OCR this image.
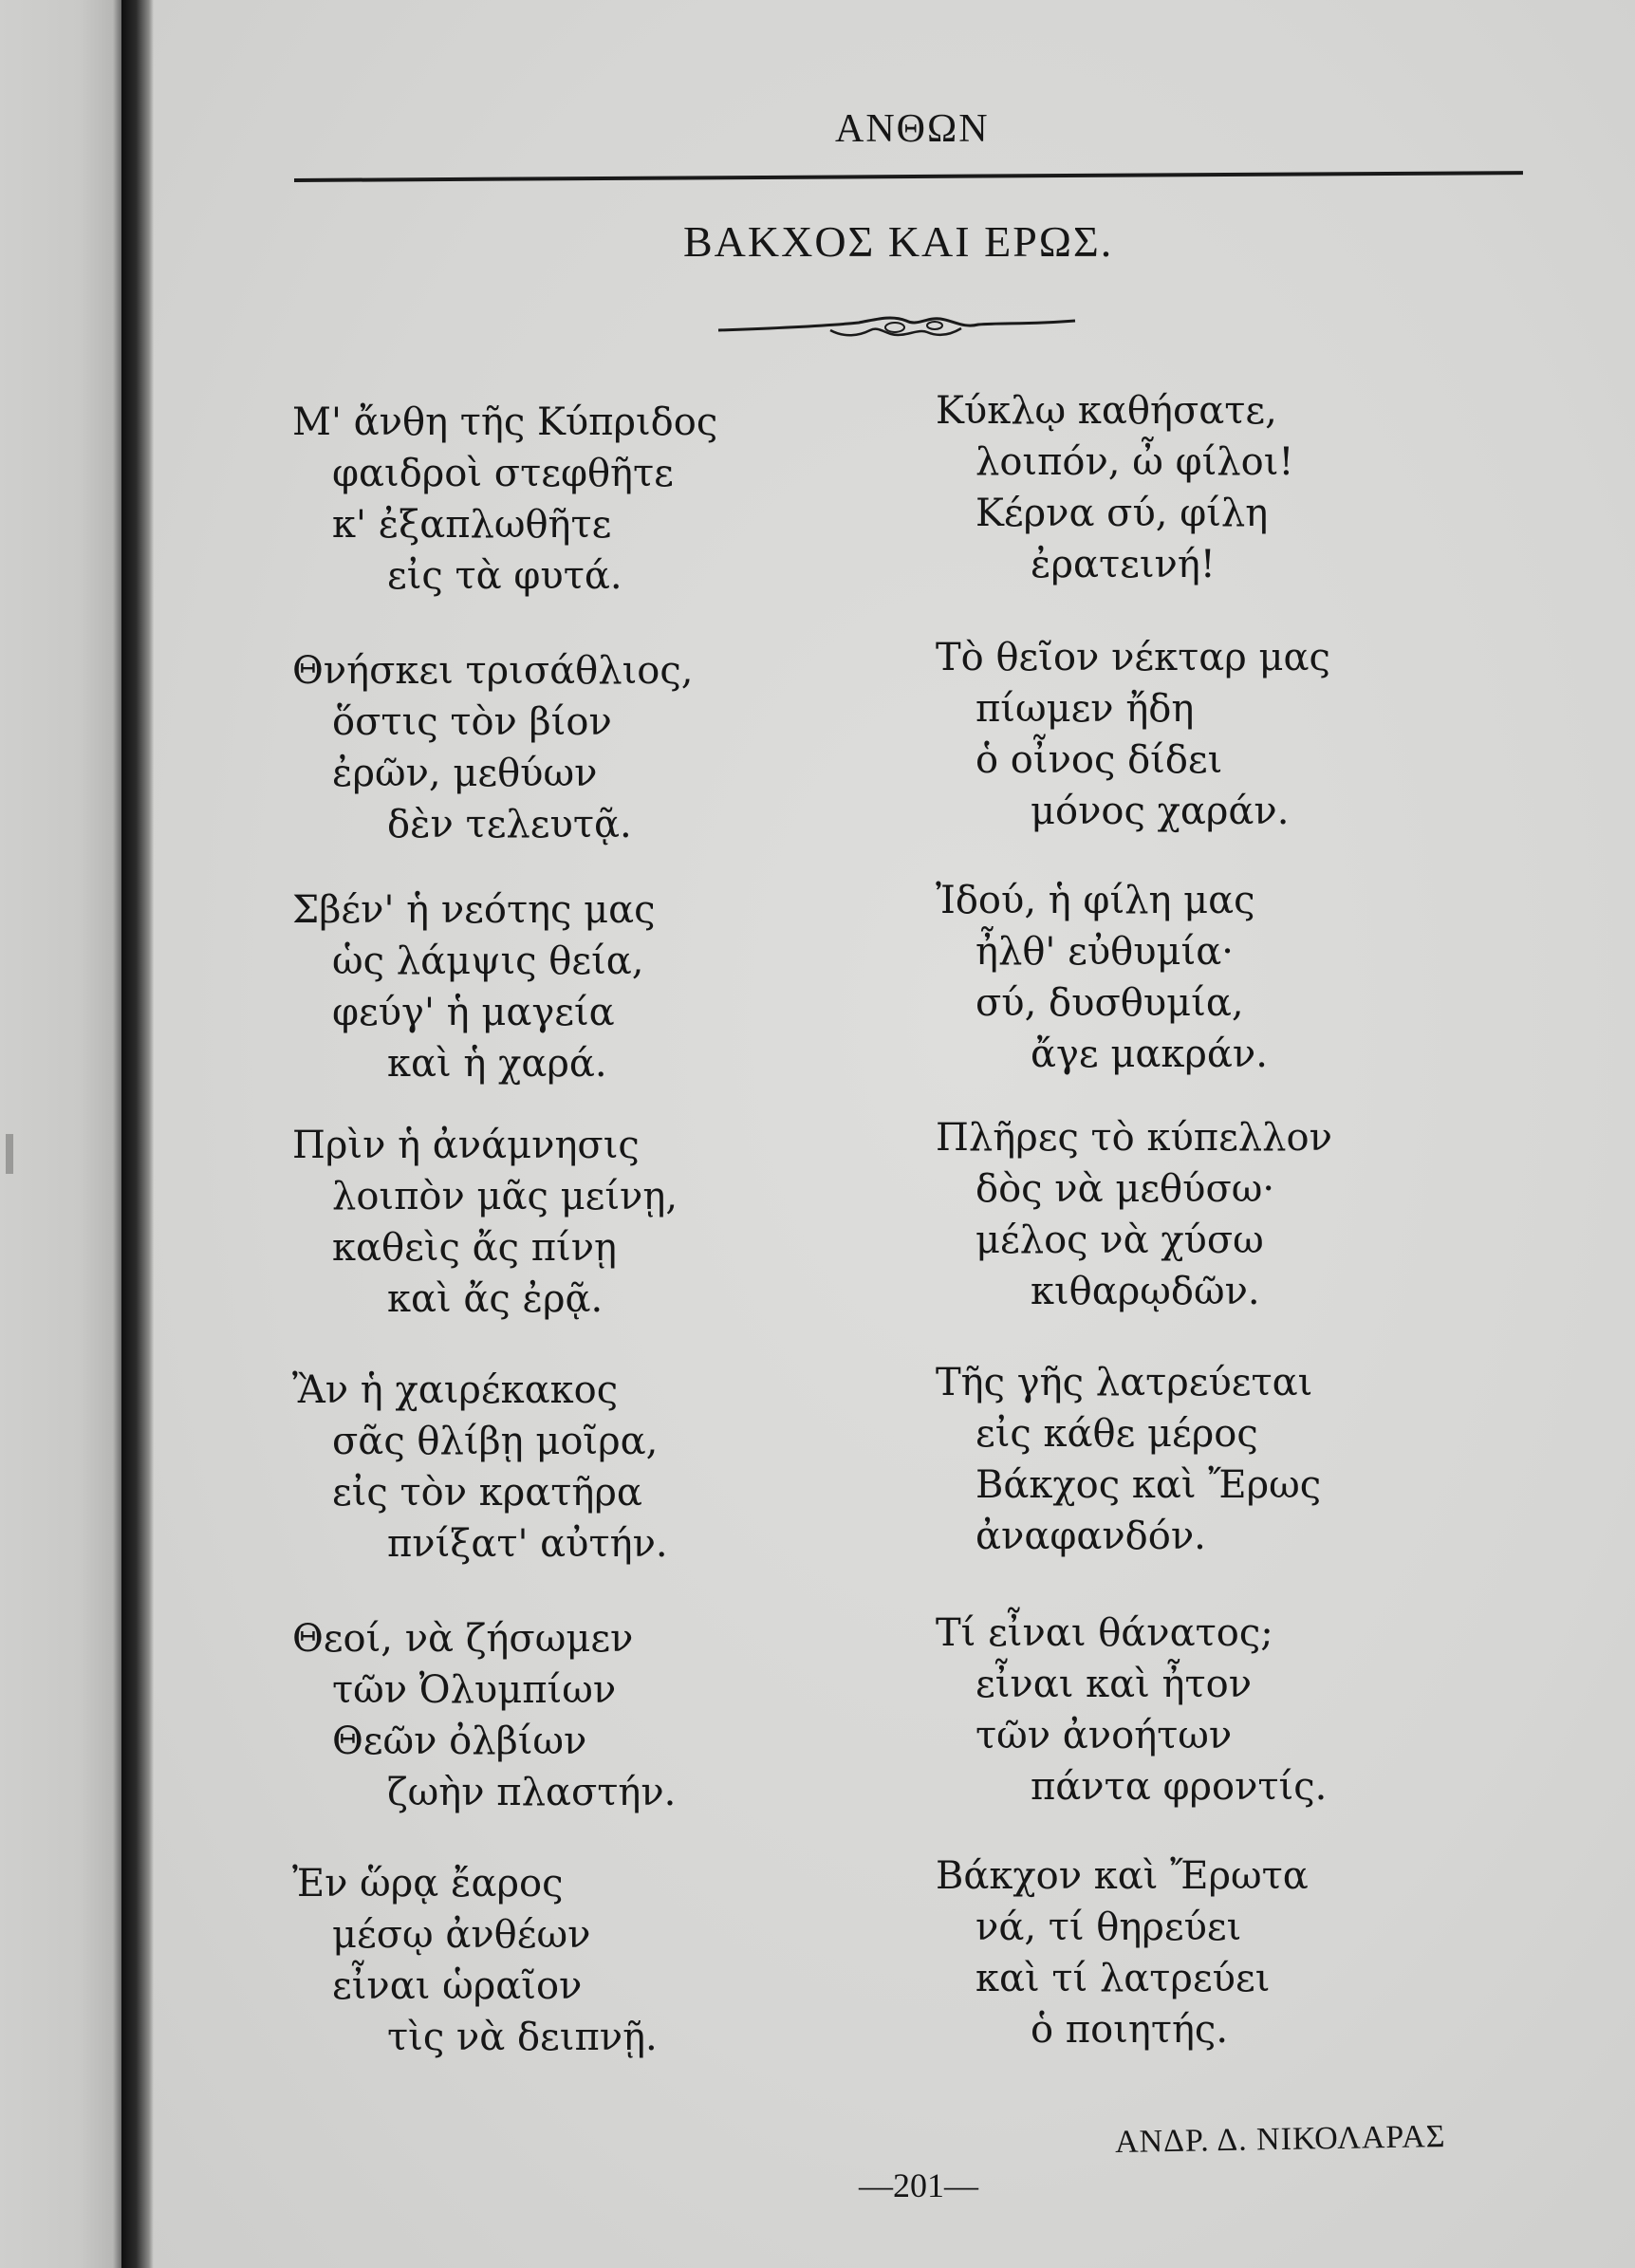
ΑΝΘΩΝ
ΒΑΚΧΟΣ ΚΑΙ ΕΡΩΣ.
Μ' ἄνθη τῆς Κύπριδος
φαιδροὶ στεφθῆτε
κ' ἐξαπλωθῆτε
εἰς τὰ φυτά.
Θνήσκει τρισάθλιος,
ὅστις τὸν βίον
ἐρῶν, μεθύων
δὲν τελευτᾷ.
Σβέν' ἡ νεότης μας
ὡς λάμψις θεία,
φεύγ' ἡ μαγεία
καὶ ἡ χαρά.
Πρὶν ἡ ἀνάμνησις
λοιπὸν μᾶς μείνῃ,
καθεὶς ἄς πίνῃ
καὶ ἄς ἐρᾷ.
Ἂν ἡ χαιρέκακος
σᾶς θλίβῃ μοῖρα,
εἰς τὸν κρατῆρα
πνίξατ' αὐτήν.
Θεοί, νὰ ζήσωμεν
τῶν Ὀλυμπίων
Θεῶν ὀλβίων
ζωὴν πλαστήν.
Ἐν ὥρᾳ ἔαρος
μέσῳ ἀνθέων
εἶναι ὡραῖον
τὶς νὰ δειπνῇ.
Κύκλῳ καθήσατε,
λοιπόν, ὦ φίλοι!
Κέρνα σύ, φίλη
ἐρατεινή!
Τὸ θεῖον νέκταρ μας
πίωμεν ἤδη
ὁ οἶνος δίδει
μόνος χαράν.
Ἰδού, ἡ φίλη μας
ἦλθ' εὐθυμία·
σύ, δυσθυμία,
ἄγε μακράν.
Πλῆρες τὸ κύπελλον
δὸς νὰ μεθύσω·
μέλος νὰ χύσω
κιθαρῳδῶν.
Τῆς γῆς λατρεύεται
εἰς κάθε μέρος
Βάκχος καὶ Ἔρως
ἀναφανδόν.
Τί εἶναι θάνατος;
εἶναι καὶ ἦτον
τῶν ἀνοήτων
πάντα φροντίς.
Βάκχον καὶ Ἔρωτα
νά, τί θηρεύει
καὶ τί λατρεύει
ὁ ποιητής.
ΑΝΔΡ. Δ. ΝΙΚΟΛΑΡΑΣ
—201—
